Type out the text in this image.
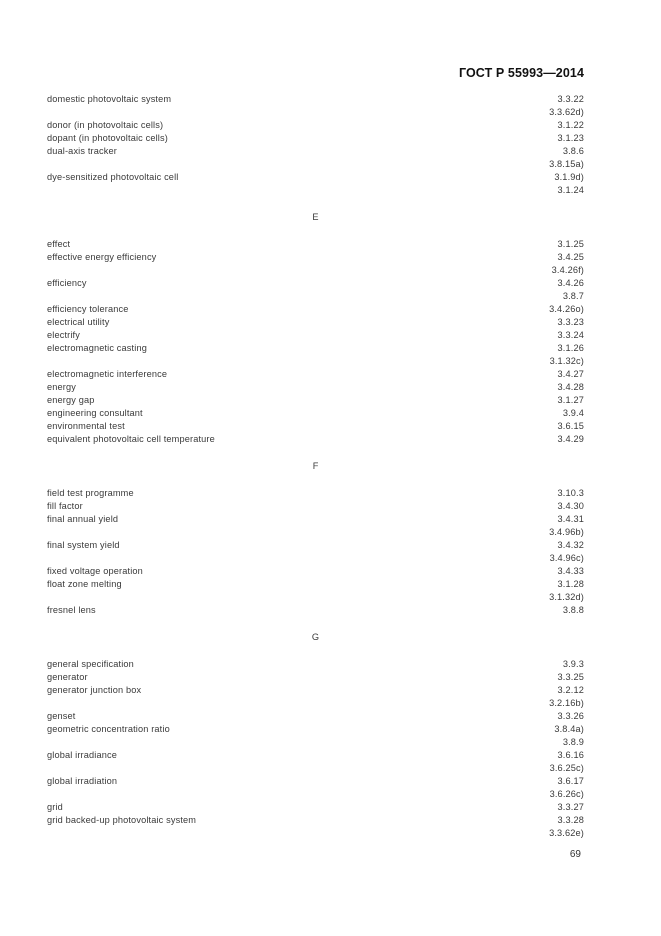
ГОСТ Р 55993—2014
domestic photovoltaic system	3.3.22
3.3.62d)
donor (in photovoltaic cells)	3.1.22
dopant (in photovoltaic cells)	3.1.23
dual-axis tracker	3.8.6
3.8.15a)
dye-sensitized photovoltaic cell	3.1.9d)
3.1.24
E
effect	3.1.25
effective energy efficiency	3.4.25
3.4.26f)
efficiency	3.4.26
3.8.7
efficiency tolerance	3.4.26o)
electrical utility	3.3.23
electrify	3.3.24
electromagnetic casting	3.1.26
3.1.32c)
electromagnetic interference	3.4.27
energy	3.4.28
energy gap	3.1.27
engineering consultant	3.9.4
environmental test	3.6.15
equivalent photovoltaic cell temperature	3.4.29
F
field test programme	3.10.3
fill factor	3.4.30
final annual yield	3.4.31
3.4.96b)
final system yield	3.4.32
3.4.96c)
fixed voltage operation	3.4.33
float zone melting	3.1.28
3.1.32d)
fresnel lens	3.8.8
G
general specification	3.9.3
generator	3.3.25
generator junction box	3.2.12
3.2.16b)
genset	3.3.26
geometric concentration ratio	3.8.4a)
3.8.9
global irradiance	3.6.16
3.6.25c)
global irradiation	3.6.17
3.6.26c)
grid	3.3.27
grid backed-up photovoltaic system	3.3.28
3.3.62e)
69
